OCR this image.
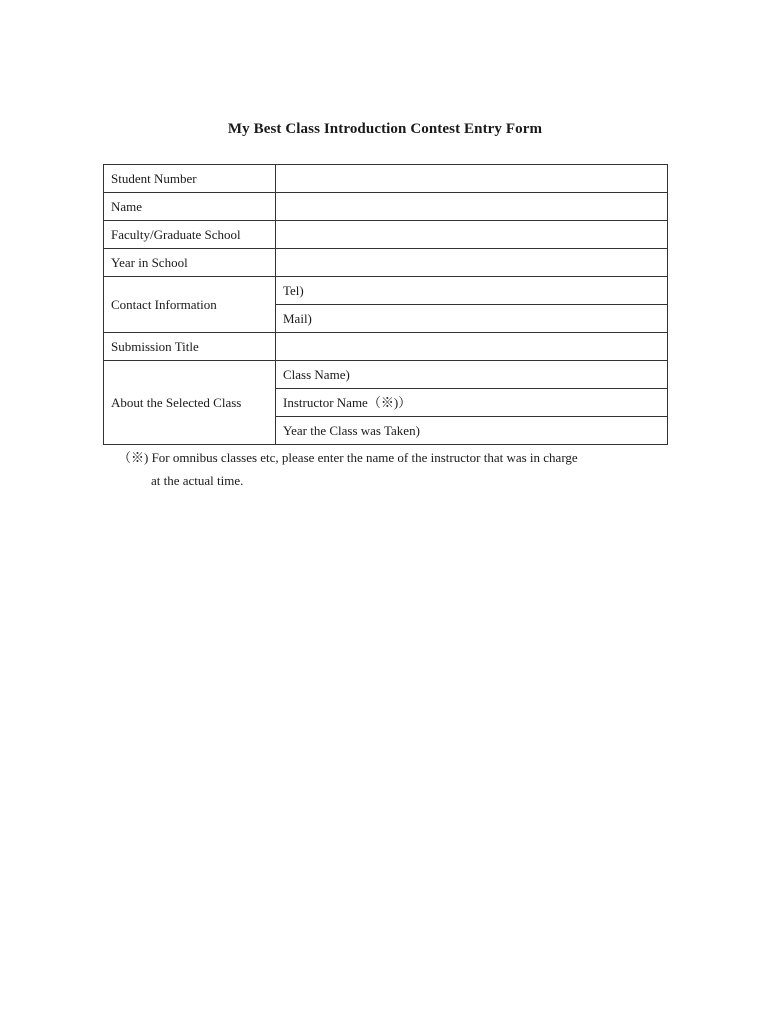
My Best Class Introduction Contest Entry Form
Student Number	
Name	
Faculty/Graduate School	
Year in School	
Contact Information	Tel)
	Mail)
Submission Title	
About the Selected Class	Class Name)
	Instructor Name（※)）
	Year the Class was Taken)
（※) For omnibus classes etc, please enter the name of the instructor that was in charge
at the actual time.
